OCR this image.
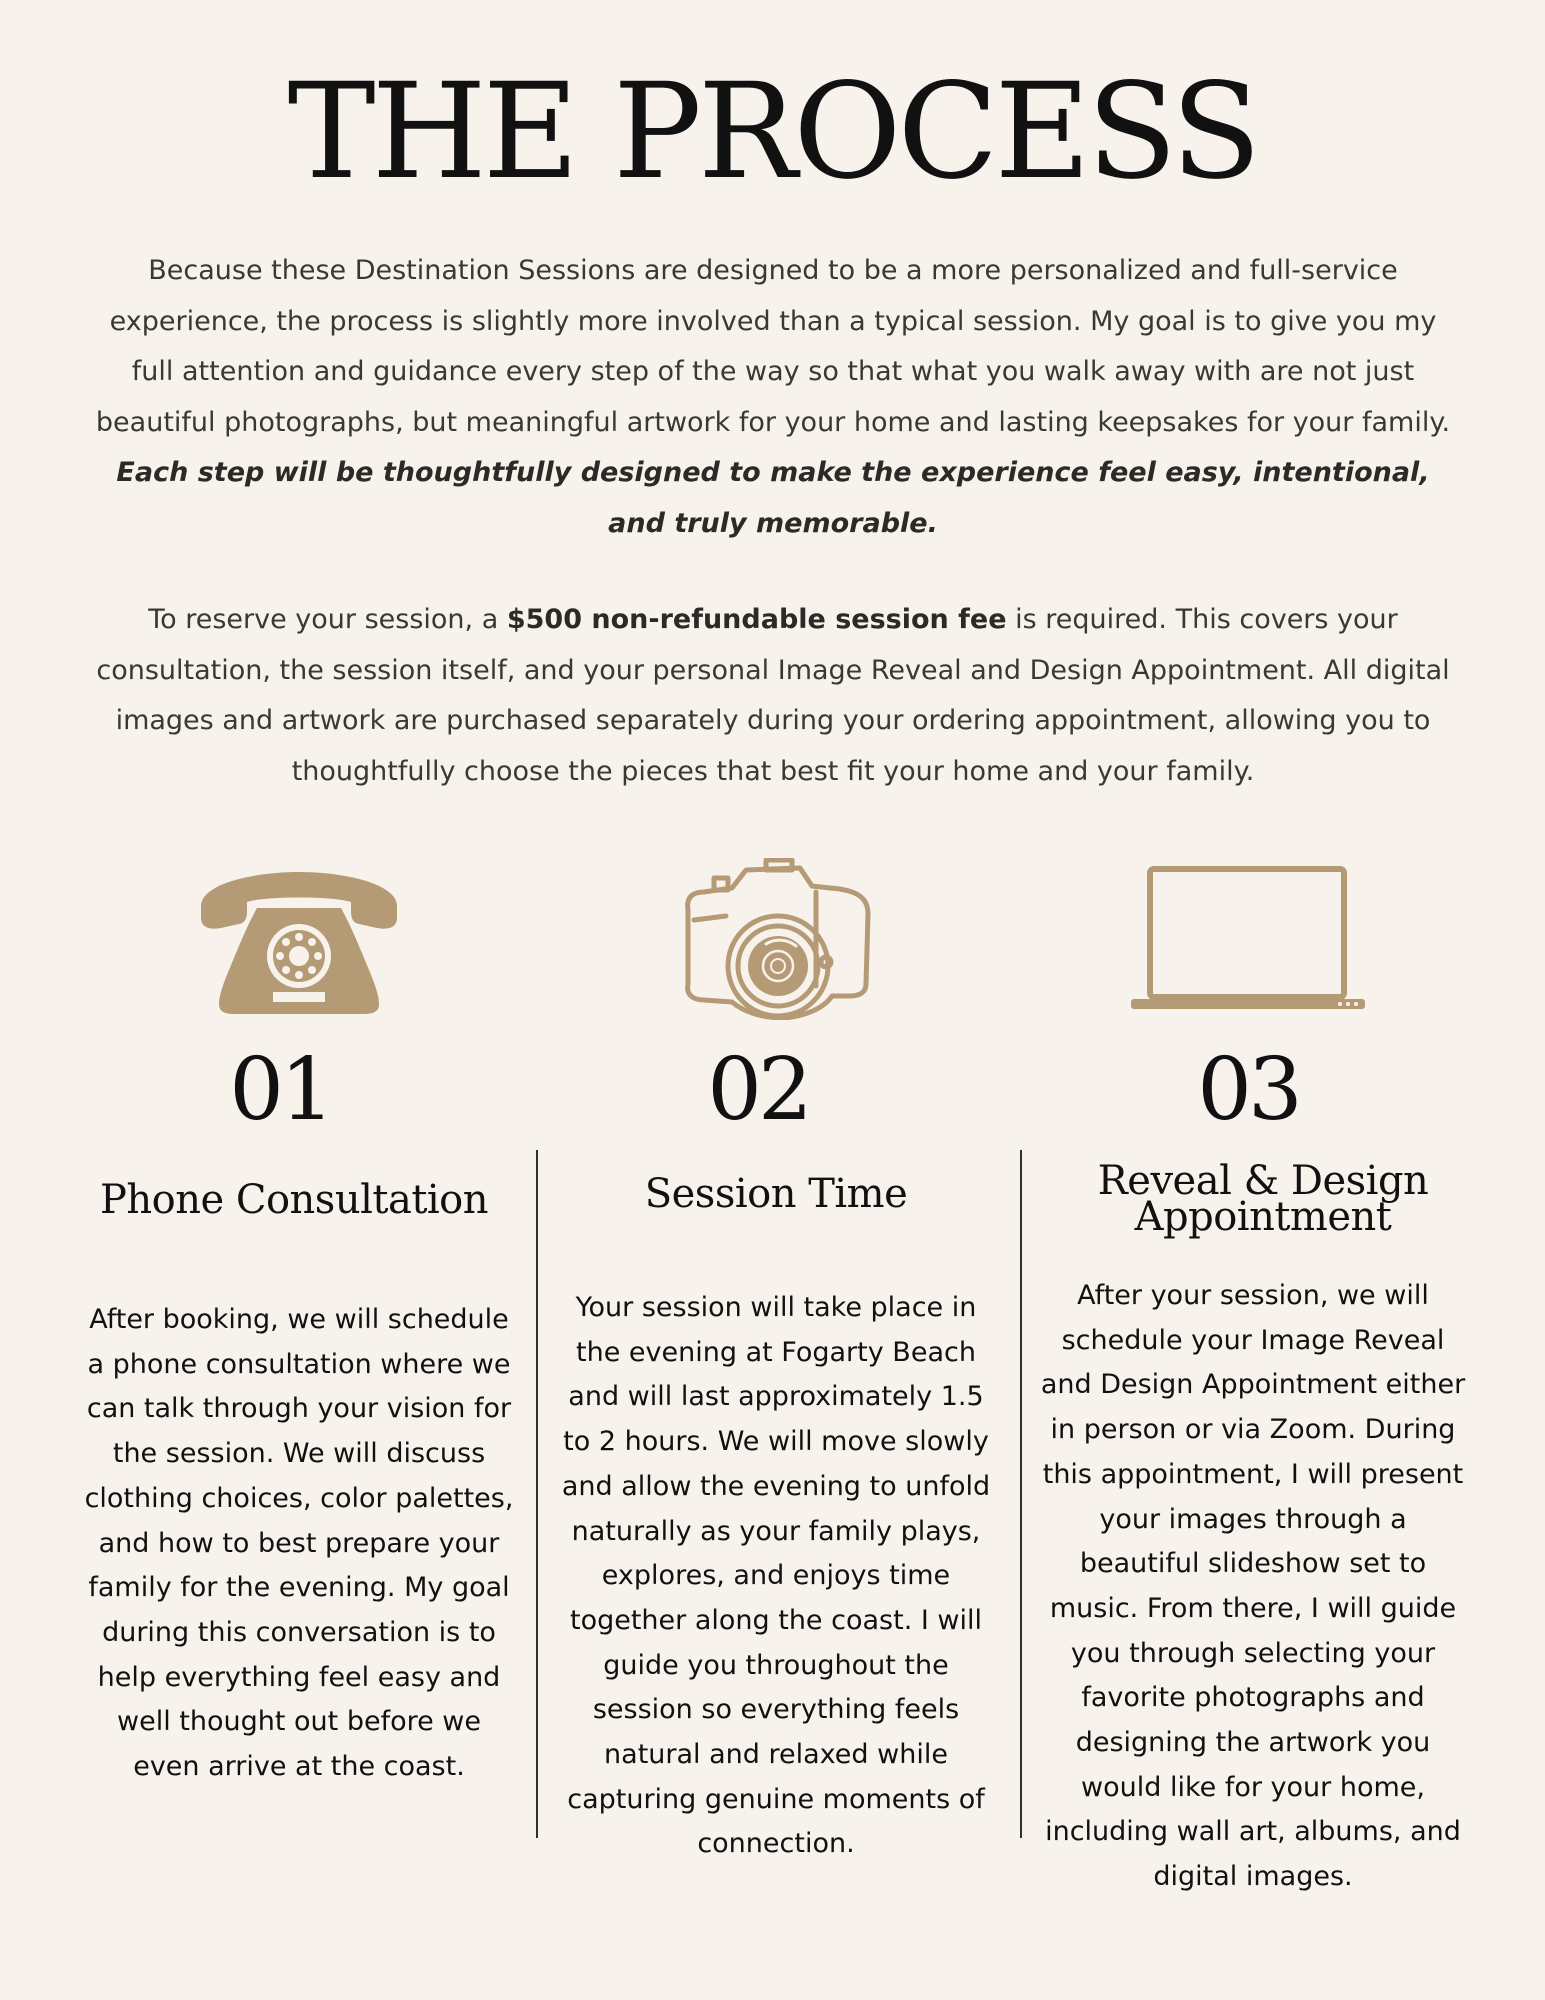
THE PROCESS

Because these Destination Sessions are designed to be a more personalized and full-service experience, the process is slightly more involved than a typical session. My goal is to give you my full attention and guidance every step of the way so that what you walk away with are not just beautiful photographs, but meaningful artwork for your home and lasting keepsakes for your family. Each step will be thoughtfully designed to make the experience feel easy, intentional, and truly memorable.

To reserve your session, a $500 non-refundable session fee is required. This covers your consultation, the session itself, and your personal Image Reveal and Design Appointment. All digital images and artwork are purchased separately during your ordering appointment, allowing you to thoughtfully choose the pieces that best fit your home and your family.

01	02	03
Phone Consultation	Session Time	Reveal & Design Appointment

After booking, we will schedule a phone consultation where we can talk through your vision for the session. We will discuss clothing choices, color palettes, and how to best prepare your family for the evening. My goal during this conversation is to help everything feel easy and well thought out before we even arrive at the coast.

Your session will take place in the evening at Fogarty Beach and will last approximately 1.5 to 2 hours. We will move slowly and allow the evening to unfold naturally as your family plays, explores, and enjoys time together along the coast. I will guide you throughout the session so everything feels natural and relaxed while capturing genuine moments of connection.

After your session, we will schedule your Image Reveal and Design Appointment either in person or via Zoom. During this appointment, I will present your images through a beautiful slideshow set to music. From there, I will guide you through selecting your favorite photographs and designing the artwork you would like for your home, including wall art, albums, and digital images.
